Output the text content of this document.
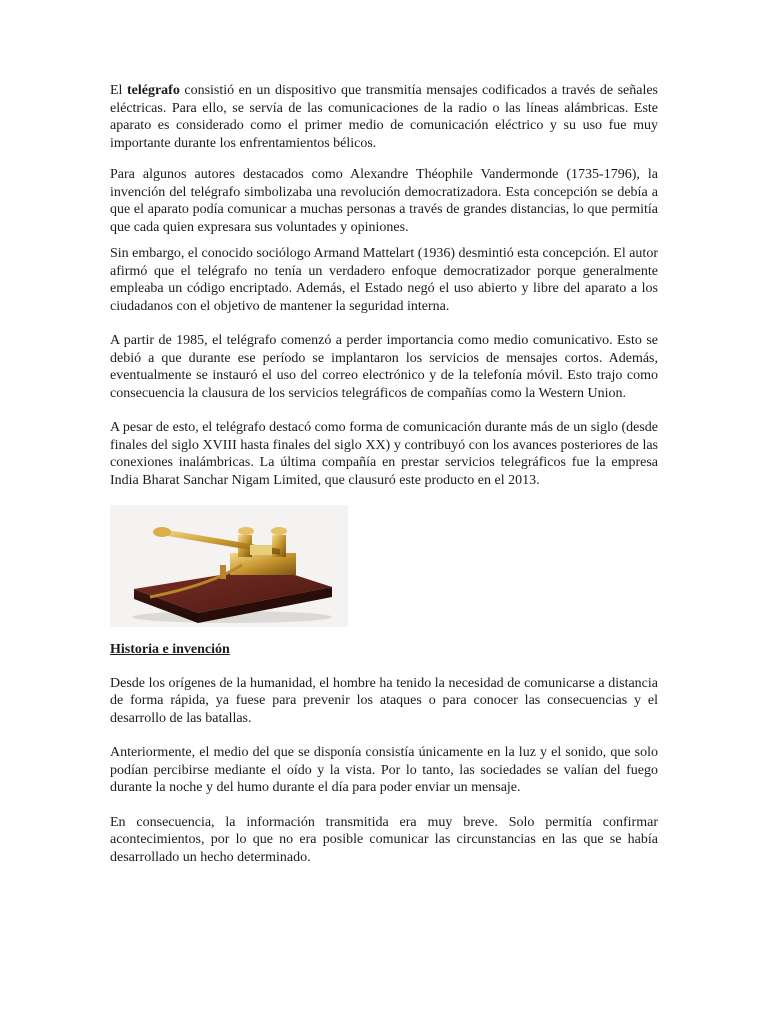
El telégrafo consistió en un dispositivo que transmitía mensajes codificados a través de señales eléctricas. Para ello, se servía de las comunicaciones de la radio o las líneas alámbricas. Este aparato es considerado como el primer medio de comunicación eléctrico y su uso fue muy importante durante los enfrentamientos bélicos.

Para algunos autores destacados como Alexandre Théophile Vandermonde (1735-1796), la invención del telégrafo simbolizaba una revolución democratizadora. Esta concepción se debía a que el aparato podía comunicar a muchas personas a través de grandes distancias, lo que permitía que cada quien expresara sus voluntades y opiniones.

Sin embargo, el conocido sociólogo Armand Mattelart (1936) desmintió esta concepción. El autor afirmó que el telégrafo no tenía un verdadero enfoque democratizador porque generalmente empleaba un código encriptado. Además, el Estado negó el uso abierto y libre del aparato a los ciudadanos con el objetivo de mantener la seguridad interna.

A partir de 1985, el telégrafo comenzó a perder importancia como medio comunicativo. Esto se debió a que durante ese período se implantaron los servicios de mensajes cortos. Además, eventualmente se instauró el uso del correo electrónico y de la telefonía móvil. Esto trajo como consecuencia la clausura de los servicios telegráficos de compañías como la Western Union.

A pesar de esto, el telégrafo destacó como forma de comunicación durante más de un siglo (desde finales del siglo XVIII hasta finales del siglo XX) y contribuyó con los avances posteriores de las conexiones inalámbricas. La última compañía en prestar servicios telegráficos fue la empresa India Bharat Sanchar Nigam Limited, que clausuró este producto en el 2013.

Historia e invención

Desde los orígenes de la humanidad, el hombre ha tenido la necesidad de comunicarse a distancia de forma rápida, ya fuese para prevenir los ataques o para conocer las consecuencias y el desarrollo de las batallas.

Anteriormente, el medio del que se disponía consistía únicamente en la luz y el sonido, que solo podían percibirse mediante el oído y la vista. Por lo tanto, las sociedades se valían del fuego durante la noche y del humo durante el día para poder enviar un mensaje.

En consecuencia, la información transmitida era muy breve. Solo permitía confirmar acontecimientos, por lo que no era posible comunicar las circunstancias en las que se había desarrollado un hecho determinado.
